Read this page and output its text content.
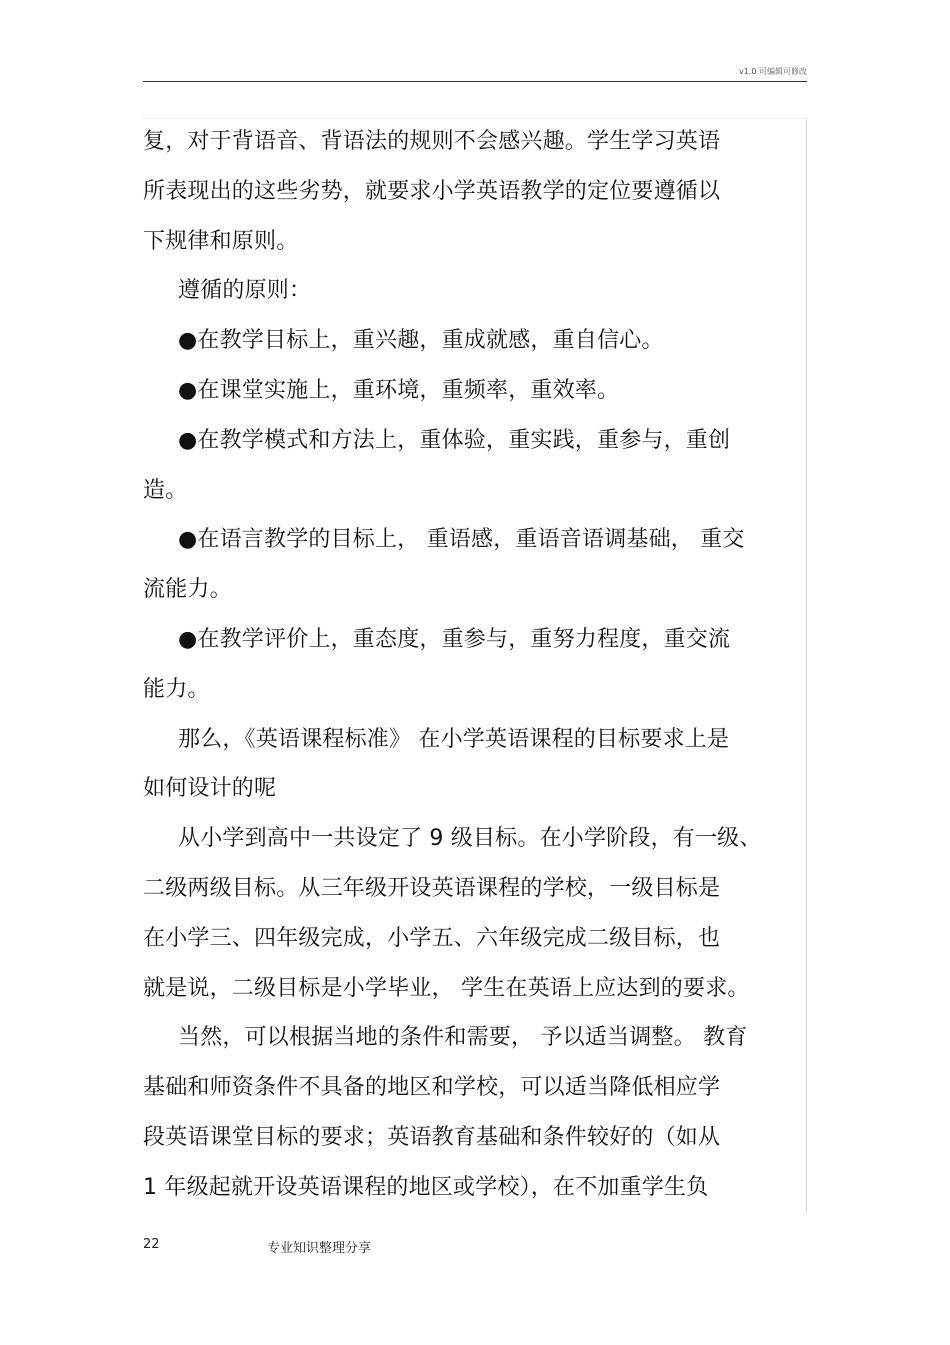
v1.0 可编辑可修改
复，对于背语音、背语法的规则不会感兴趣。学生学习英语
所表现出的这些劣势，就要求小学英语教学的定位要遵循以
下规律和原则。
遵循的原则：
●在教学目标上，重兴趣，重成就感，重自信心。
●在课堂实施上，重环境，重频率，重效率。
●在教学模式和方法上，重体验，重实践，重参与，重创
造。
●在语言教学的目标上， 重语感，重语音语调基础， 重交
流能力。
●在教学评价上，重态度，重参与，重努力程度，重交流
能力。
那么，《英语课程标准》 在小学英语课程的目标要求上是
如何设计的呢
从小学到高中一共设定了 9 级目标。在小学阶段，有一级、
二级两级目标。从三年级开设英语课程的学校，一级目标是
在小学三、四年级完成，小学五、六年级完成二级目标，也
就是说，二级目标是小学毕业， 学生在英语上应达到的要求。
当然，可以根据当地的条件和需要， 予以适当调整。 教育
基础和师资条件不具备的地区和学校，可以适当降低相应学
段英语课堂目标的要求；英语教育基础和条件较好的（如从
1 年级起就开设英语课程的地区或学校），在不加重学生负
22	专业知识整理分享
